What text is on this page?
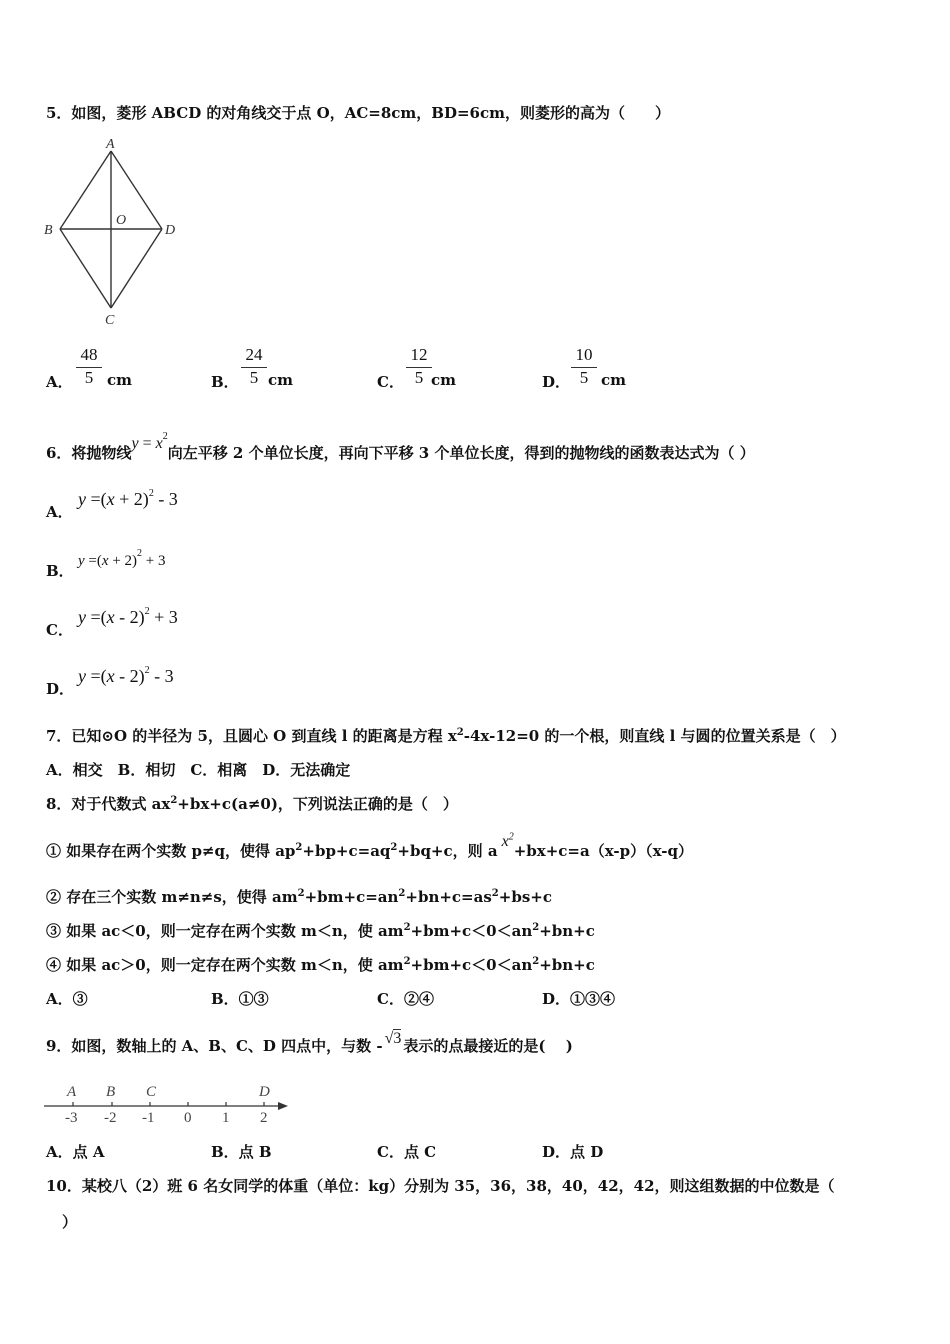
5．如图，菱形 ABCD 的对角线交于点 O，AC=8cm，BD=6cm，则菱形的高为（　　）
A
B	D
O
C
A．
48
5 cm	B．
24
5 cm	C．
12
5 cm	D．
10
5 cm
6．将抛物线$y = x^2$向左平移 2 个单位长度，再向下平移 3 个单位长度，得到的抛物线的函数表达式为（ ）
A．
$y =(x + 2)^2 - 3$
B．
$y =(x + 2)^2 + 3$
C．
y =(x - 2)$^2$ + 3
D．
y =(x - 2)$^2$ - 3
7．已知⊙O 的半径为 5，且圆心 O 到直线 l 的距离是方程 $x^2-4x-12=0$ 的一个根，则直线 l 与圆的位置关系是（　）
A．相交　B．相切　C．相离　D．无法确定
8．对于代数式 $ax^2+bx+c(a\ne 0)$，下列说法正确的是（　）
① 如果存在两个实数 p≠q，使得 $ap^2+bp+c=aq^2+bq+c$，则 $ax^2+bx+c=a(x-p)(x-q)$
② 存在三个实数 m≠n≠s，使得 $am^2+bm+c=an^2+bn+c=as^2+bs+c$
③ 如果 ac＜0，则一定存在两个实数 m＜n，使 $am^2+bm+c<0<an^2+bn+c$
④ 如果 ac＞0，则一定存在两个实数 m＜n，使 $am^2+bm+c<0<an^2+bn+c$
A．③	B．①③	C．②④	D．①③④
9．如图，数轴上的 A、B、C、D 四点中，与数 - √3 表示的点最接近的是(　 )
A B C	D
-3 -2 -1 0 1 2
A．点 A	B．点 B	C．点 C	D．点 D
10．某校八（2）班 6 名女同学的体重（单位：kg）分别为 35，36，38，40，42，42，则这组数据的中位数是（
）
